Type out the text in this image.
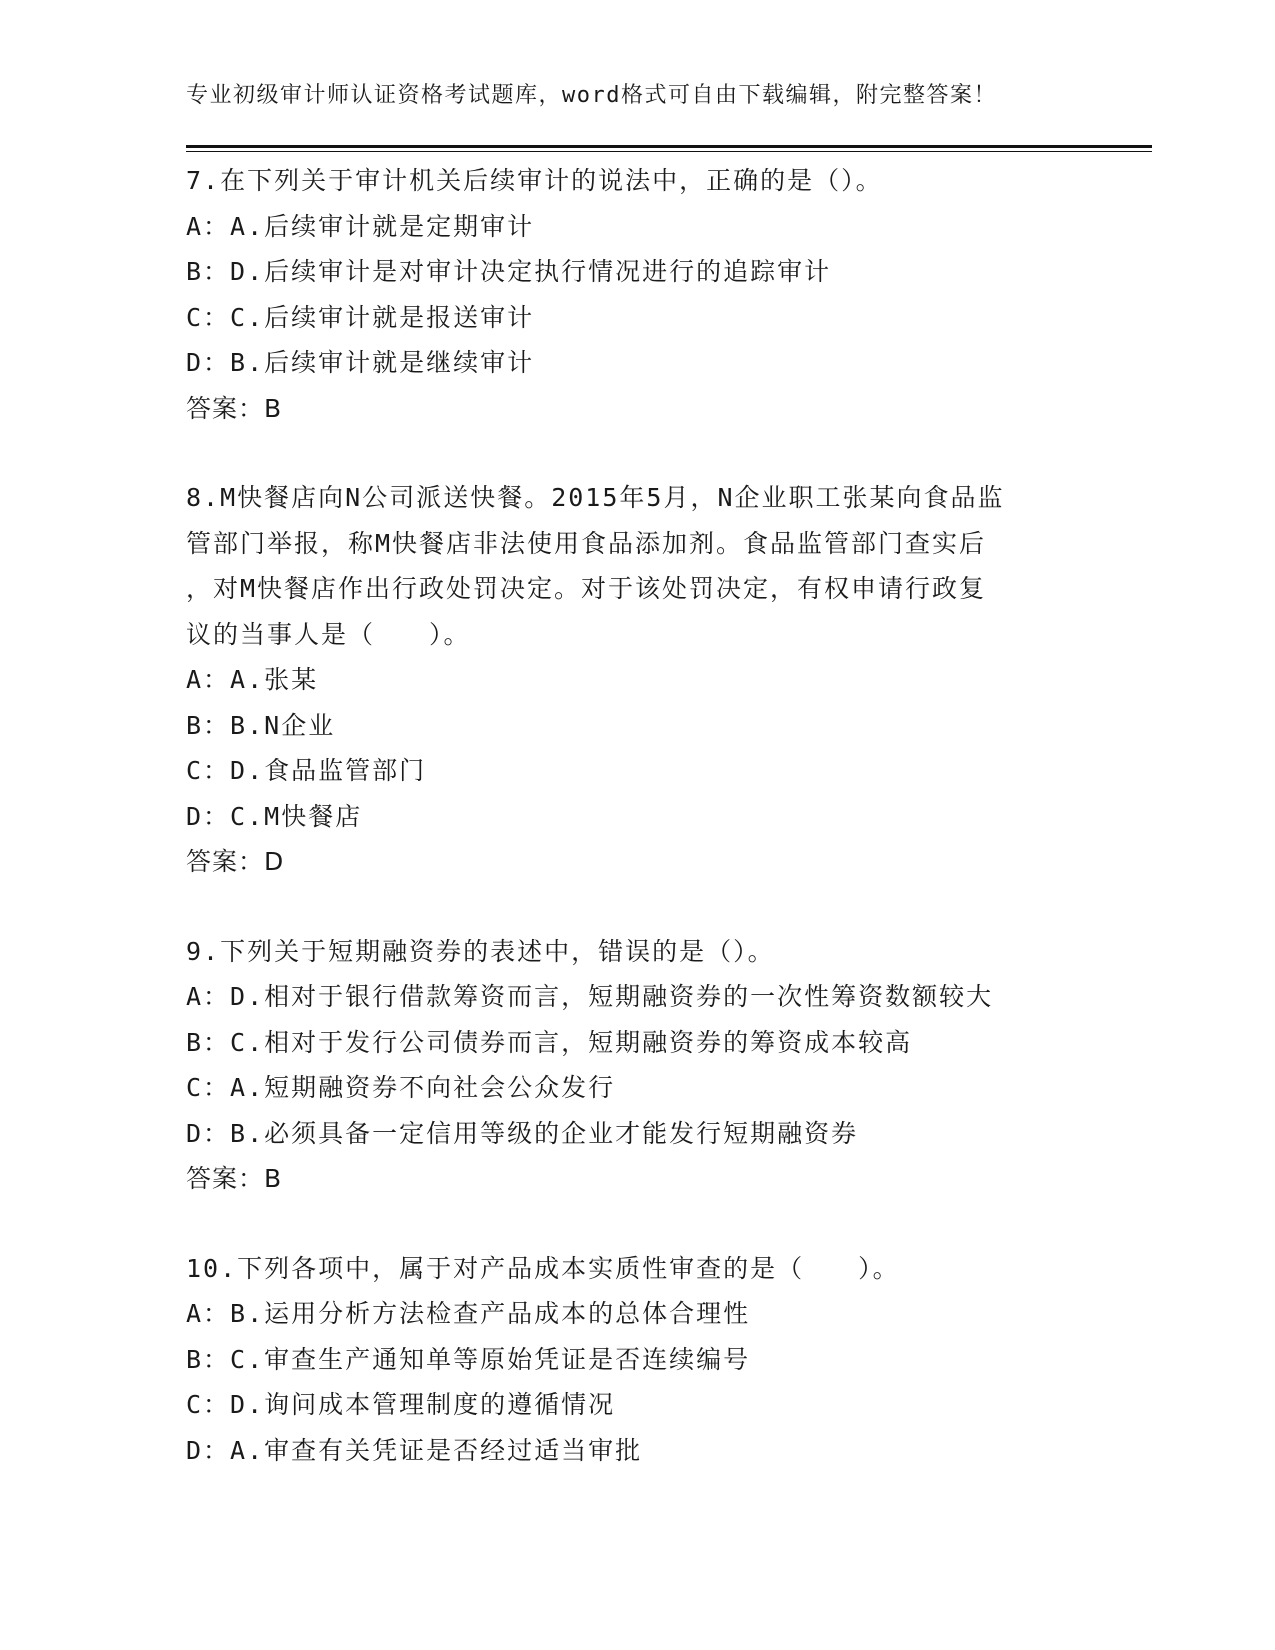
专业初级审计师认证资格考试题库，word格式可自由下载编辑，附完整答案！
7.在下列关于审计机关后续审计的说法中，正确的是（）。
A：A.后续审计就是定期审计
B：D.后续审计是对审计决定执行情况进行的追踪审计
C：C.后续审计就是报送审计
D：B.后续审计就是继续审计
答案：B
8.M快餐店向N公司派送快餐。2015年5月，N企业职工张某向食品监
管部门举报，称M快餐店非法使用食品添加剂。食品监管部门查实后
，对M快餐店作出行政处罚决定。对于该处罚决定，有权申请行政复
议的当事人是（　　）。
A：A.张某
B：B.N企业
C：D.食品监管部门
D：C.M快餐店
答案：D
9.下列关于短期融资券的表述中，错误的是（）。
A：D.相对于银行借款筹资而言，短期融资券的一次性筹资数额较大
B：C.相对于发行公司债券而言，短期融资券的筹资成本较高
C：A.短期融资券不向社会公众发行
D：B.必须具备一定信用等级的企业才能发行短期融资券
答案：B
10.下列各项中，属于对产品成本实质性审查的是（　　）。
A：B.运用分析方法检查产品成本的总体合理性
B：C.审查生产通知单等原始凭证是否连续编号
C：D.询问成本管理制度的遵循情况
D：A.审查有关凭证是否经过适当审批
